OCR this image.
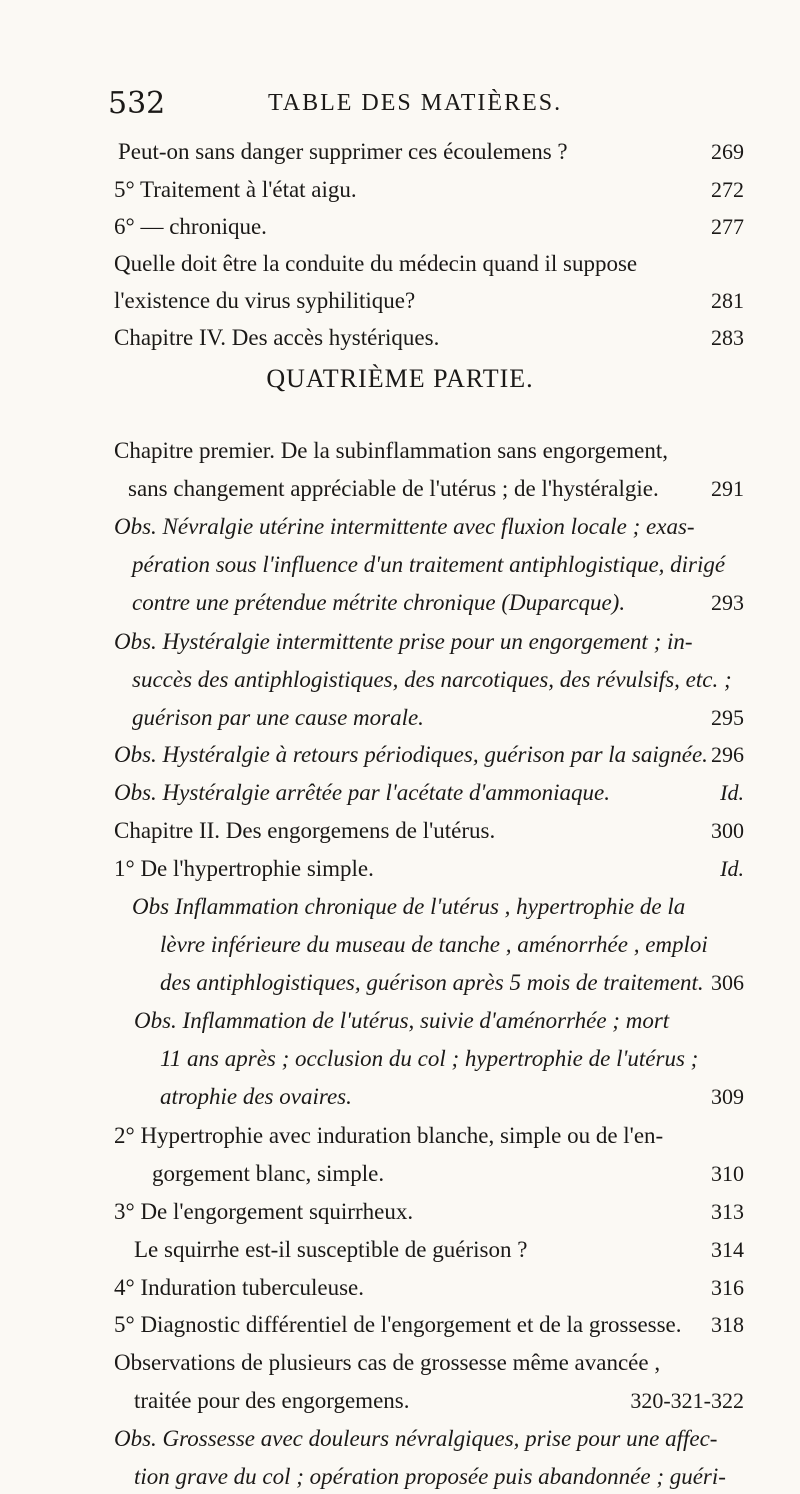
532	TABLE DES MATIÈRES.
QUATRIÈME PARTIE.
Peut-on sans danger supprimer ces écoulemens ?	269
5° Traitement à l'état aigu.	272
6° — chronique.	277
Quelle doit être la conduite du médecin quand il suppose
l'existence du virus syphilitique?	281
Chapitre IV. Des accès hystériques.	283
Chapitre premier. De la subinflammation sans engorgement,
sans changement appréciable de l'utérus ; de l'hystéralgie. 291
Obs. Névralgie utérine intermittente avec fluxion locale ; exas-
pération sous l'influence d'un traitement antiphlogistique, dirigé
contre une prétendue métrite chronique (Duparcque).	293
Obs. Hystéralgie intermittente prise pour un engorgement ; in-
succès des antiphlogistiques, des narcotiques, des révulsifs, etc. ;
guérison par une cause morale.	295
Obs. Hystéralgie à retours périodiques, guérison par la saignée. 296
Obs. Hystéralgie arrêtée par l'acétate d'ammoniaque.	Id.
Chapitre II. Des engorgemens de l'utérus.	300
1° De l'hypertrophie simple.	Id.
Obs Inflammation chronique de l'utérus , hypertrophie de la
lèvre inférieure du museau de tanche , aménorrhée , emploi
des antiphlogistiques, guérison après 5 mois de traitement. 306
Obs. Inflammation de l'utérus, suivie d'aménorrhée ; mort
11 ans après ; occlusion du col ; hypertrophie de l'utérus ;
atrophie des ovaires.	309
2° Hypertrophie avec induration blanche, simple ou de l'en-
gorgement blanc, simple.	310
3° De l'engorgement squirrheux.	313
Le squirrhe est-il susceptible de guérison ?	314
4° Induration tuberculeuse.	316
5° Diagnostic différentiel de l'engorgement et de la grossesse. 318
Observations de plusieurs cas de grossesse même avancée ,
traitée pour des engorgemens.	320-321-322
Obs. Grossesse avec douleurs névralgiques, prise pour une affec-
tion grave du col ; opération proposée puis abandonnée ; guéri-
